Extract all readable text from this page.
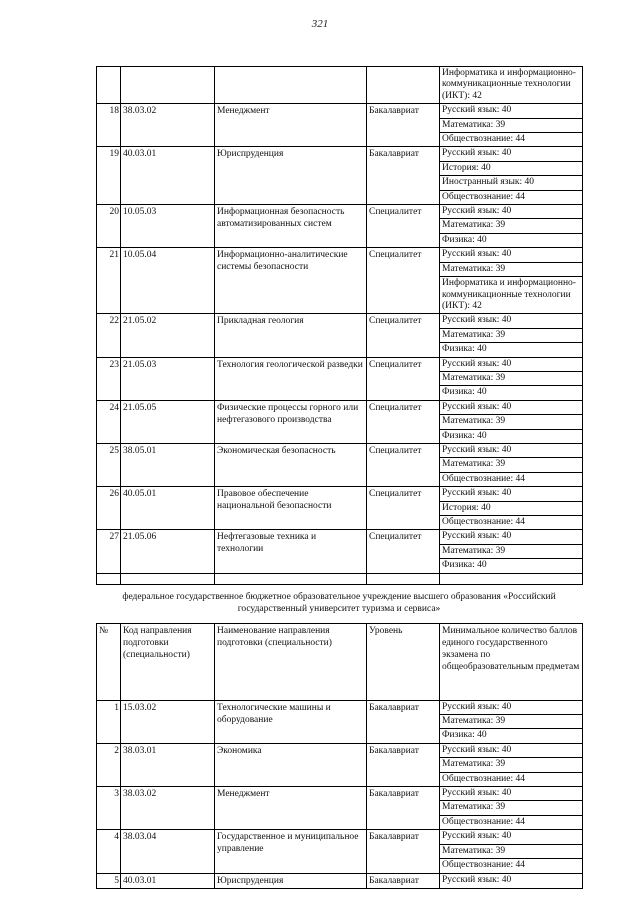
321

				Информатика и информационно-коммуникационные технологии (ИКТ): 42

18	38.03.02	Менеджмент	Бакалавриат	Русский язык: 40
Математика: 39
Обществознание: 44

19	40.03.01	Юриспруденция	Бакалавриат	Русский язык: 40
История: 40
Иностранный язык: 40
Обществознание: 44

20	10.05.03	Информационная безопасность автоматизированных систем	Специалитет	Русский язык: 40
Математика: 39
Физика: 40

21	10.05.04	Информационно-аналитические системы безопасности	Специалитет	Русский язык: 40
Математика: 39
Информатика и информационно-коммуникационные технологии (ИКТ): 42

22	21.05.02	Прикладная геология	Специалитет	Русский язык: 40
Математика: 39
Физика: 40

23	21.05.03	Технология геологической разведки	Специалитет	Русский язык: 40
Математика: 39
Физика: 40

24	21.05.05	Физические процессы горного или нефтегазового производства	Специалитет	Русский язык: 40
Математика: 39
Физика: 40

25	38.05.01	Экономическая безопасность	Специалитет	Русский язык: 40
Математика: 39
Обществознание: 44

26	40.05.01	Правовое обеспечение национальной безопасности	Специалитет	Русский язык: 40
История: 40
Обществознание: 44

27	21.05.06	Нефтегазовые техника и технологии	Специалитет	Русский язык: 40
Математика: 39
Физика: 40

федеральное государственное бюджетное образовательное учреждение высшего образования «Российский государственный университет туризма и сервиса»
№	Код направления подготовки (специальности)	Наименование направления подготовки (специальности)	Уровень	Минимальное количество баллов единого государственного экзамена по общеобразовательным предметам
1	15.03.02	Технологические машины и оборудование	Бакалавриат	Русский язык: 40
Математика: 39
Физика: 40

2	38.03.01	Экономика	Бакалавриат	Русский язык: 40
Математика: 39
Обществознание: 44

3	38.03.02	Менеджмент	Бакалавриат	Русский язык: 40
Математика: 39
Обществознание: 44

4	38.03.04	Государственное и муниципальное управление	Бакалавриат	Русский язык: 40
Математика: 39
Обществознание: 44

5	40.03.01	Юриспруденция	Бакалавриат	Русский язык: 40
